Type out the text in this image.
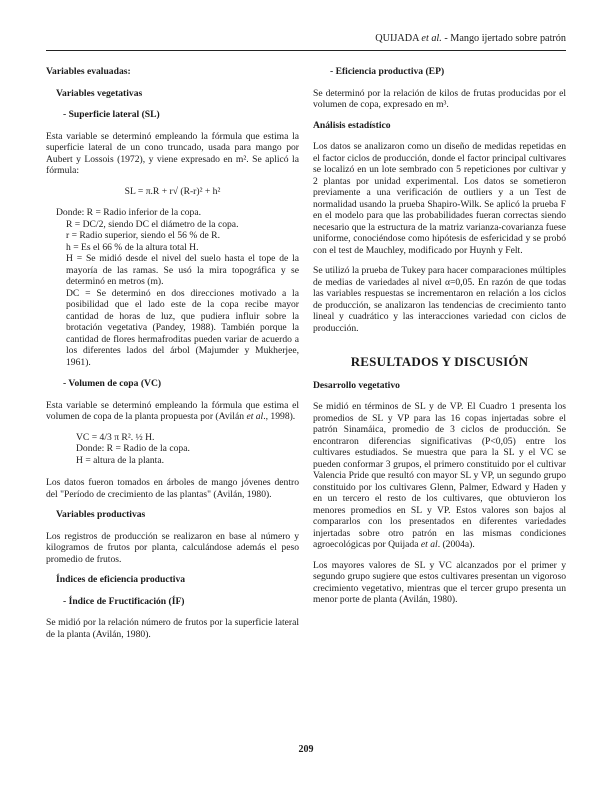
QUIJADA et al. - Mango ijertado sobre patrón
Variables evaluadas:
Variables vegetativas
- Superficie lateral (SL)

Esta variable se determinó empleando la fórmula que estima la superficie lateral de un cono truncado, usada para mango por Aubert y Lossois (1972), y viene expresado en m². Se aplicó la fórmula:

SL = π.R + r√ (R-r)² + h²
Donde: R = Radio inferior de la copa.
R = DC/2, siendo DC el diámetro de la copa.
r = Radio superior, siendo el 56 % de R.
h = Es el 66 % de la altura total H.
H = Se midió desde el nivel del suelo hasta el tope de la mayoría de las ramas. Se usó la mira topográfica y se determinó en metros (m).
DC = Se determinó en dos direcciones motivado a la posibilidad que el lado este de la copa recibe mayor cantidad de horas de luz, que pudiera influir sobre la brotación vegetativa (Pandey, 1988). También porque la cantidad de flores hermafroditas pueden variar de acuerdo a los diferentes lados del árbol (Majumder y Mukherjee, 1961).
- Volumen de copa (VC)

Esta variable se determinó empleando la fórmula que estima el volumen de copa de la planta propuesta por (Avilán et al., 1998).

VC = 4/3 π R². ½ H.
Donde: R = Radio de la copa.
H = altura de la planta.

Los datos fueron tomados en árboles de mango jóvenes dentro del "Período de crecimiento de las plantas" (Avilán, 1980).

Variables productivas

Los registros de producción se realizaron en base al número y kilogramos de frutos por planta, calculándose además el peso promedio de frutos.

Índices de eficiencia productiva
- Índice de Fructificación (ÍF)

Se midió por la relación número de frutos por la superficie lateral de la planta (Avilán, 1980).

- Eficiencia productiva (EP)

Se determinó por la relación de kilos de frutas producidas por el volumen de copa, expresado en m³.

Análisis estadístico

Los datos se analizaron como un diseño de medidas repetidas en el factor ciclos de producción, donde el factor principal cultivares se localizó en un lote sembrado con 5 repeticiones por cultivar y 2 plantas por unidad experimental. Los datos se sometieron previamente a una verificación de outliers y a un Test de normalidad usando la prueba Shapiro-Wilk. Se aplicó la prueba F en el modelo para que las probabilidades fueran correctas siendo necesario que la estructura de la matriz varianza-covarianza fuese uniforme, conociéndose como hipótesis de esfericidad y se probó con el test de Mauchley, modificado por Huynh y Felt.

Se utilizó la prueba de Tukey para hacer comparaciones múltiples de medias de variedades al nivel α=0,05. En razón de que todas las variables respuestas se incrementaron en relación a los ciclos de producción, se analizaron las tendencias de crecimiento tanto lineal y cuadrático y las interacciones variedad con ciclos de producción.

RESULTADOS Y DISCUSIÓN
Desarrollo vegetativo

Se midió en términos de SL y de VP. El Cuadro 1 presenta los promedios de SL y VP para las 16 copas injertadas sobre el patrón Sinamáica, promedio de 3 ciclos de producción. Se encontraron diferencias significativas (P<0,05) entre los cultivares estudiados. Se muestra que para la SL y el VC se pueden conformar 3 grupos, el primero constituido por el cultivar Valencia Pride que resultó con mayor SL y VP, un segundo grupo constituido por los cultivares Glenn, Palmer, Edward y Haden y en un tercero el resto de los cultivares, que obtuvieron los menores promedios en SL y VP. Estos valores son bajos al compararlos con los presentados en diferentes variedades injertadas sobre otro patrón en las mismas condiciones agroecológicas por Quijada et al. (2004a).

Los mayores valores de SL y VC alcanzados por el primer y segundo grupo sugiere que estos cultivares presentan un vigoroso crecimiento vegetativo, mientras que el tercer grupo presenta un menor porte de planta (Avilán, 1980).

209
